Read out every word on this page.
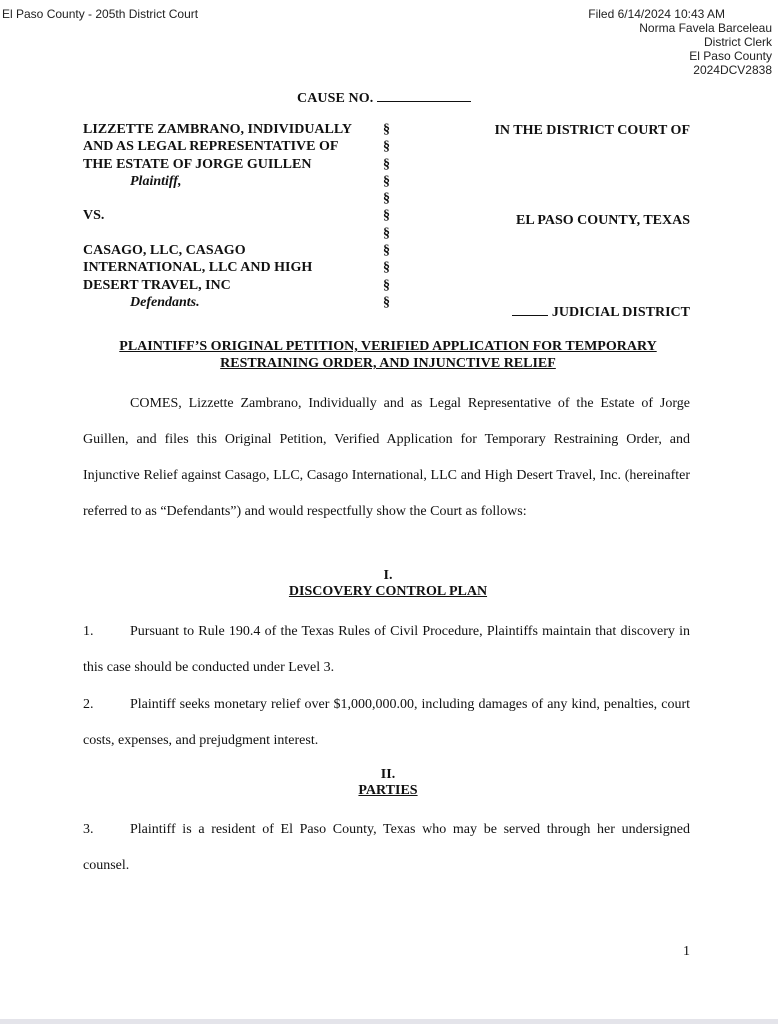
El Paso County - 205th District Court	Filed 6/14/2024 10:43 AM
Norma Favela Barceleau
District Clerk
El Paso County
2024DCV2838
CAUSE NO.
LIZZETTE ZAMBRANO, INDIVIDUALLY
AND AS LEGAL REPRESENTATIVE OF
THE ESTATE OF JORGE GUILLEN
Plaintiff,
VS.
CASAGO, LLC, CASAGO
INTERNATIONAL, LLC AND HIGH
DESERT TRAVEL, INC
Defendants.
§
§
§
§
§
§
§
§
§
§
§
IN THE DISTRICT COURT OF
EL PASO COUNTY, TEXAS
JUDICIAL DISTRICT
PLAINTIFF’S ORIGINAL PETITION, VERIFIED APPLICATION FOR TEMPORARY
RESTRAINING ORDER, AND INJUNCTIVE RELIEF
COMES, Lizzette Zambrano, Individually and as Legal Representative of the Estate of Jorge Guillen, and files this Original Petition, Verified Application for Temporary Restraining Order, and Injunctive Relief against Casago, LLC, Casago International, LLC and High Desert Travel, Inc. (hereinafter referred to as “Defendants”) and would respectfully show the Court as follows:
I.
DISCOVERY CONTROL PLAN
1.	Pursuant to Rule 190.4 of the Texas Rules of Civil Procedure, Plaintiffs maintain that discovery in this case should be conducted under Level 3.
2.	Plaintiff seeks monetary relief over $1,000,000.00, including damages of any kind, penalties, court costs, expenses, and prejudgment interest.
II.
PARTIES
3.	Plaintiff is a resident of El Paso County, Texas who may be served through her undersigned counsel.
1
